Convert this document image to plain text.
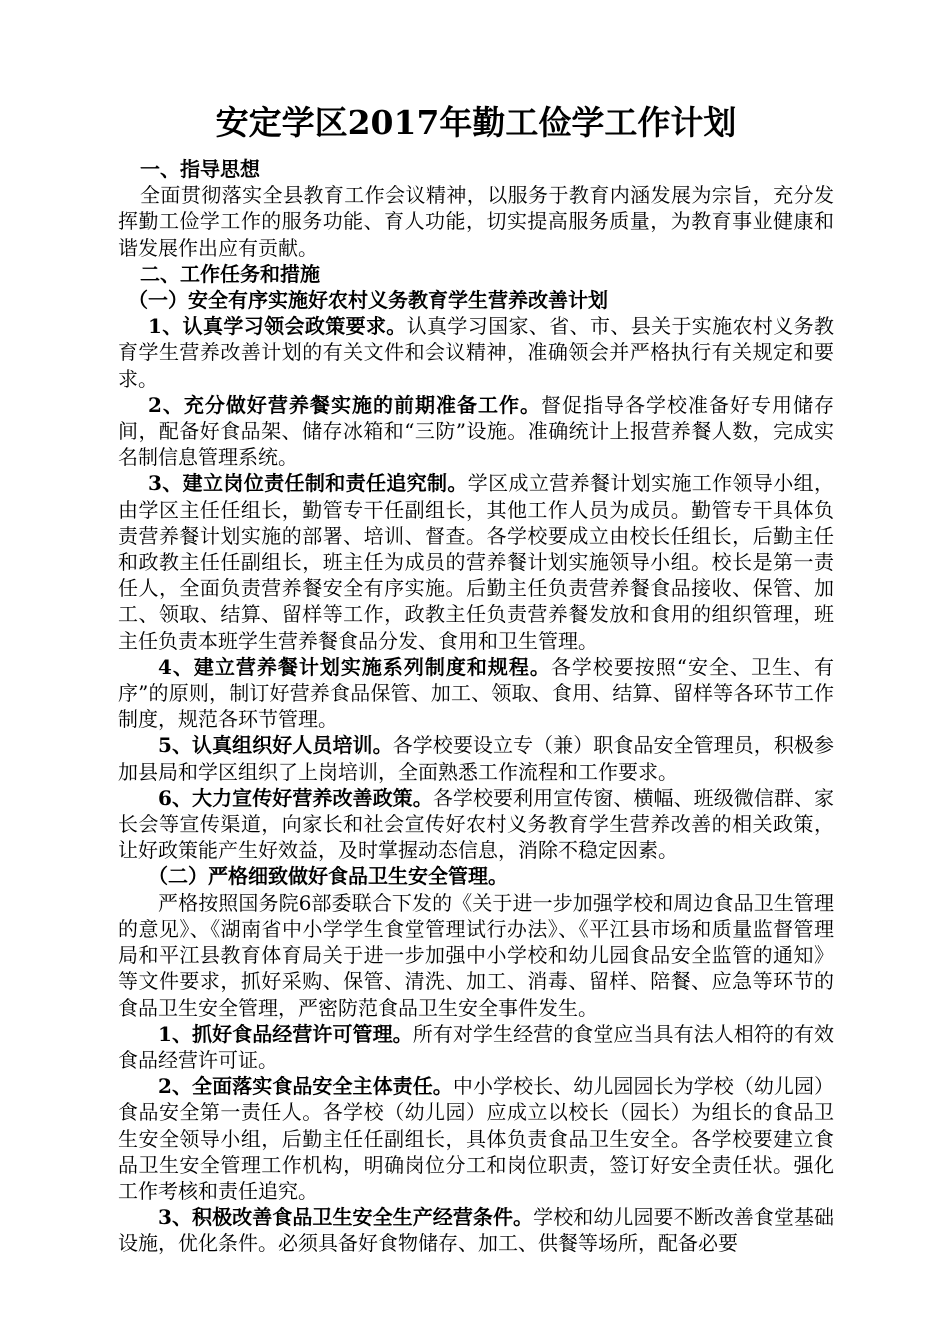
安定学区2017年勤工俭学工作计划

一、指导思想

全面贯彻落实全县教育工作会议精神，以服务于教育内涵发展为宗旨，充分发挥勤工俭学工作的服务功能、育人功能，切实提高服务质量，为教育事业健康和谐发展作出应有贡献。

二、工作任务和措施

（一）安全有序实施好农村义务教育学生营养改善计划

1、认真学习领会政策要求。认真学习国家、省、市、县关于实施农村义务教育学生营养改善计划的有关文件和会议精神，准确领会并严格执行有关规定和要求。

2、充分做好营养餐实施的前期准备工作。督促指导各学校准备好专用储存间，配备好食品架、储存冰箱和“三防”设施。准确统计上报营养餐人数，完成实名制信息管理系统。

3、建立岗位责任制和责任追究制。学区成立营养餐计划实施工作领导小组，由学区主任任组长，勤管专干任副组长，其他工作人员为成员。勤管专干具体负责营养餐计划实施的部署、培训、督查。各学校要成立由校长任组长，后勤主任和政教主任任副组长，班主任为成员的营养餐计划实施领导小组。校长是第一责任人，全面负责营养餐安全有序实施。后勤主任负责营养餐食品接收、保管、加工、领取、结算、留样等工作，政教主任负责营养餐发放和食用的组织管理，班主任负责本班学生营养餐食品分发、食用和卫生管理。

4、建立营养餐计划实施系列制度和规程。各学校要按照“安全、卫生、有序”的原则，制订好营养食品保管、加工、领取、食用、结算、留样等各环节工作制度，规范各环节管理。

5、认真组织好人员培训。各学校要设立专（兼）职食品安全管理员，积极参加县局和学区组织了上岗培训，全面熟悉工作流程和工作要求。

6、大力宣传好营养改善政策。各学校要利用宣传窗、横幅、班级微信群、家长会等宣传渠道，向家长和社会宣传好农村义务教育学生营养改善的相关政策，让好政策能产生好效益，及时掌握动态信息，消除不稳定因素。

（二）严格细致做好食品卫生安全管理。

严格按照国务院6部委联合下发的《关于进一步加强学校和周边食品卫生管理的意见》、《湖南省中小学学生食堂管理试行办法》、《平江县市场和质量监督管理局和平江县教育体育局关于进一步加强中小学校和幼儿园食品安全监管的通知》等文件要求，抓好采购、保管、清洗、加工、消毒、留样、陪餐、应急等环节的食品卫生安全管理，严密防范食品卫生安全事件发生。

1、抓好食品经营许可管理。所有对学生经营的食堂应当具有法人相符的有效食品经营许可证。

2、全面落实食品安全主体责任。中小学校长、幼儿园园长为学校（幼儿园）食品安全第一责任人。各学校（幼儿园）应成立以校长（园长）为组长的食品卫生安全领导小组，后勤主任任副组长，具体负责食品卫生安全。各学校要建立食品卫生安全管理工作机构，明确岗位分工和岗位职责，签订好安全责任状。强化工作考核和责任追究。

3、积极改善食品卫生安全生产经营条件。学校和幼儿园要不断改善食堂基础设施，优化条件。必须具备好食物储存、加工、供餐等场所，配备必要
